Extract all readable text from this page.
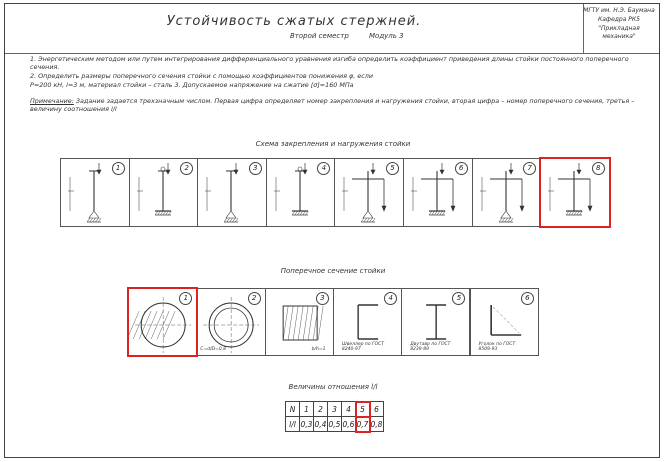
Устойчивость сжатых стержней.
Второй семестр	Модуль 3
МГТУ им. Н.Э. Баумана
Кафедра РК5
"Прикладная механика"
1. Энергетическим методом или путем интегрирования дифференциального уравнения изгиба определить коэффициент приведения длины стойки постоянного поперечного сечения.
2. Определить размеры поперечного сечения стойки с помощью коэффициентов понижения φ, если
P=200 кН, l=3 м, материал стойки – сталь 3. Допускаемое напряжение на сжатие [σ]=160 МПа
Примечание: Задание задается трехзначным числом. Первая цифра определяет номер закрепления и нагружения стойки, вторая цифра – номер поперечного сечения, третья – величину соотношения l/l
Схема закрепления и нагружения стойки
1	2	3	4	5	6	7	8
Поперечное сечение стойки
1	2
C=d/D=0,8
3
b/h=1
4
Швеллер по ГОСТ 8240-97
5
Двутавр по ГОСТ 8239-89
6
Уголок по ГОСТ 8509-93
Величины отношения l/l
N	1	2	3	4	5	6
l/l	0,3	0,4	0,5	0,6	0,7	0,8
